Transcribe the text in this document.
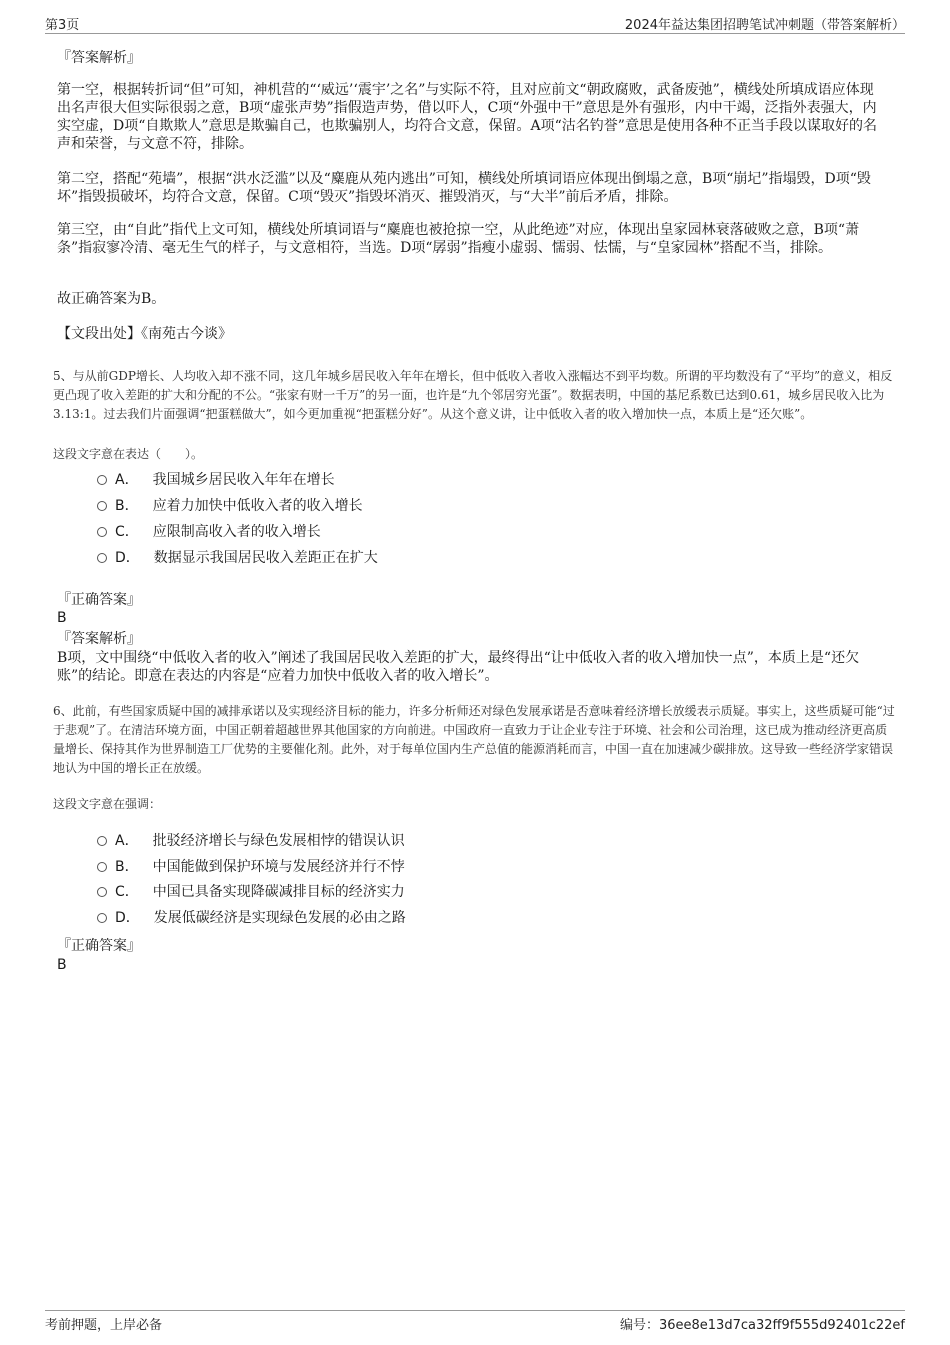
第3页	2024年益达集团招聘笔试冲刺题（带答案解析）
『答案解析』
第一空，根据转折词“但”可知，神机营的“‘威远’‘震宇’之名”与实际不符，且对应前文“朝政腐败，武备废弛”，横线处所填成语应体现出名声很大但实际很弱之意，B项“虚张声势”指假造声势，借以吓人，C项“外强中干”意思是外有强形，内中干竭，泛指外表强大，内实空虚，D项“自欺欺人”意思是欺骗自己，也欺骗别人，均符合文意，保留。A项“沽名钓誉”意思是使用各种不正当手段以谋取好的名声和荣誉，与文意不符，排除。
第二空，搭配“苑墙”，根据“洪水泛滥”以及“麋鹿从苑内逃出”可知，横线处所填词语应体现出倒塌之意，B项“崩圮”指塌毁，D项“毁坏”指毁损破坏，均符合文意，保留。C项“毁灭”指毁坏消灭、摧毁消灭，与“大半”前后矛盾，排除。
第三空，由“自此”指代上文可知，横线处所填词语与“麋鹿也被抢掠一空，从此绝迹”对应，体现出皇家园林衰落破败之意，B项“萧条”指寂寥冷清、毫无生气的样子，与文意相符，当选。D项“孱弱”指瘦小虚弱、懦弱、怯懦，与“皇家园林”搭配不当，排除。
故正确答案为B。
【文段出处】《南苑古今谈》
5、与从前GDP增长、人均收入却不涨不同，这几年城乡居民收入年年在增长，但中低收入者收入涨幅达不到平均数。所谓的平均数没有了“平均”的意义，相反更凸现了收入差距的扩大和分配的不公。“张家有财一千万”的另一面，也许是“九个邻居穷光蛋”。数据表明，中国的基尼系数已达到0.61，城乡居民收入比为3.13:1。过去我们片面强调“把蛋糕做大”，如今更加重视“把蛋糕分好”。从这个意义讲，让中低收入者的收入增加快一点，本质上是“还欠账”。
这段文字意在表达（　　）。
A． 我国城乡居民收入年年在增长
B． 应着力加快中低收入者的收入增长
C． 应限制高收入者的收入增长
D． 数据显示我国居民收入差距正在扩大
『正确答案』
B
『答案解析』
B项，文中围绕“中低收入者的收入”阐述了我国居民收入差距的扩大，最终得出“让中低收入者的收入增加快一点”，本质上是“还欠账”的结论。即意在表达的内容是“应着力加快中低收入者的收入增长”。
6、此前，有些国家质疑中国的减排承诺以及实现经济目标的能力，许多分析师还对绿色发展承诺是否意味着经济增长放缓表示质疑。事实上，这些质疑可能“过于悲观”了。在清洁环境方面，中国正朝着超越世界其他国家的方向前进。中国政府一直致力于让企业专注于环境、社会和公司治理，这已成为推动经济更高质量增长、保持其作为世界制造工厂优势的主要催化剂。此外，对于每单位国内生产总值的能源消耗而言，中国一直在加速减少碳排放。这导致一些经济学家错误地认为中国的增长正在放缓。
这段文字意在强调：
A． 批驳经济增长与绿色发展相悖的错误认识
B． 中国能做到保护环境与发展经济并行不悖
C． 中国已具备实现降碳减排目标的经济实力
D． 发展低碳经济是实现绿色发展的必由之路
『正确答案』
B
考前押题，上岸必备	编号：36ee8e13d7ca32ff9f555d92401c22ef
